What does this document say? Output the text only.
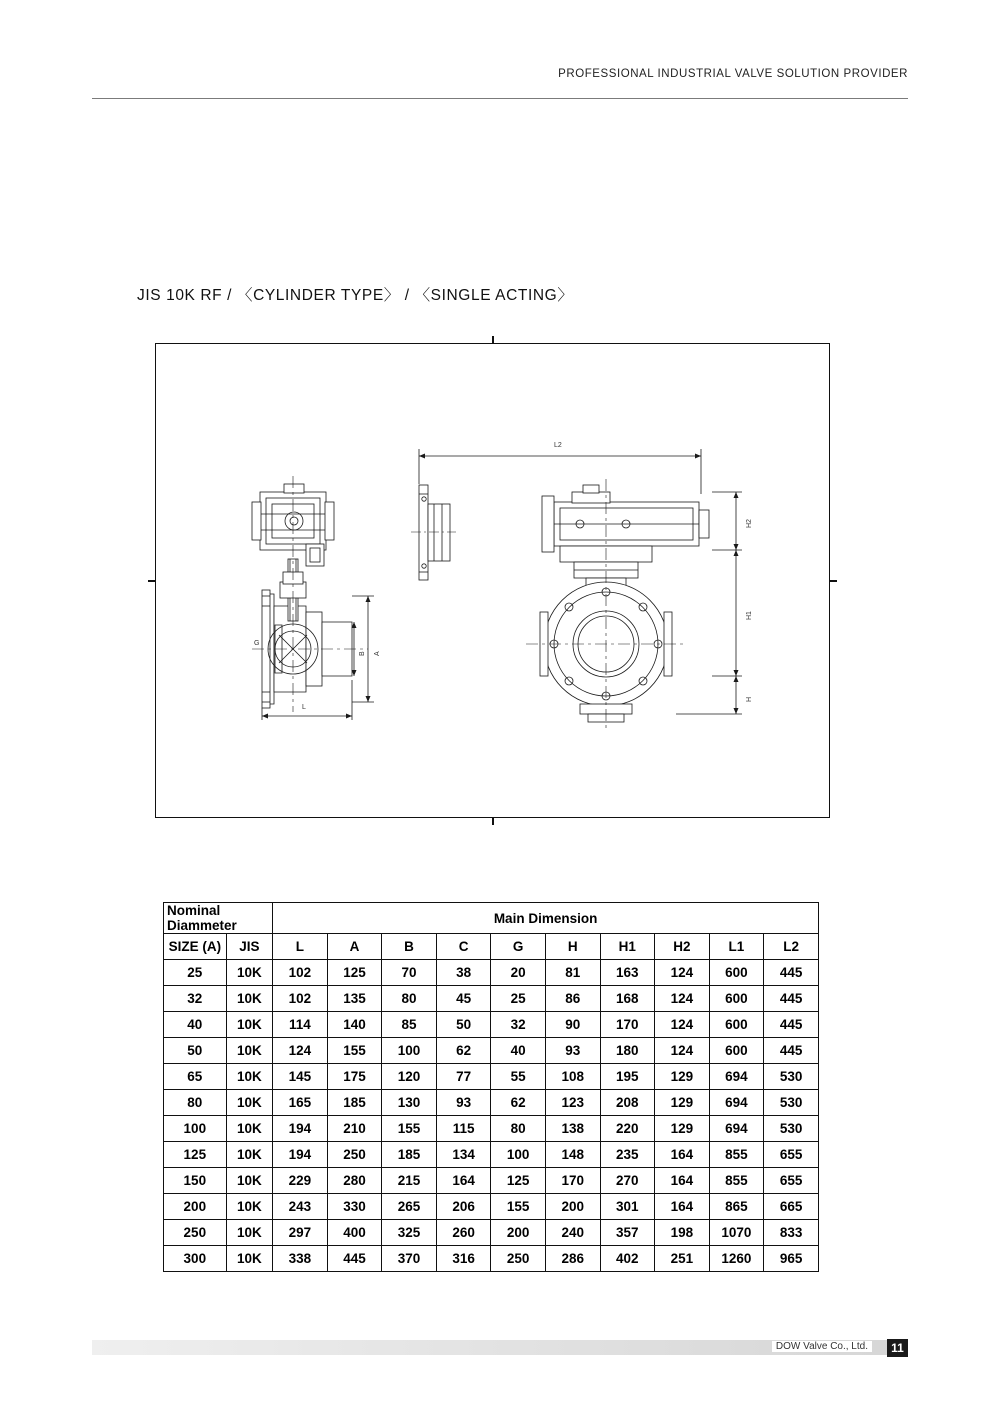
PROFESSIONAL INDUSTRIAL VALVE SOLUTION PROVIDER
JIS 10K RF / 〈CYLINDER TYPE〉 / 〈SINGLE ACTING〉
L2
H2
H1
H
L
A
B
G
Nominal Diammeter		Main Dimension									
SIZE (A)	JIS	L	A	B	C	G	H	H1	H2	L1	L2
25	10K	102	125	70	38	20	81	163	124	600	445
32	10K	102	135	80	45	25	86	168	124	600	445
40	10K	114	140	85	50	32	90	170	124	600	445
50	10K	124	155	100	62	40	93	180	124	600	445
65	10K	145	175	120	77	55	108	195	129	694	530
80	10K	165	185	130	93	62	123	208	129	694	530
100	10K	194	210	155	115	80	138	220	129	694	530
125	10K	194	250	185	134	100	148	235	164	855	655
150	10K	229	280	215	164	125	170	270	164	855	655
200	10K	243	330	265	206	155	200	301	164	865	665
250	10K	297	400	325	260	200	240	357	198	1070	833
300	10K	338	445	370	316	250	286	402	251	1260	965
DOW Valve Co., Ltd.	11
